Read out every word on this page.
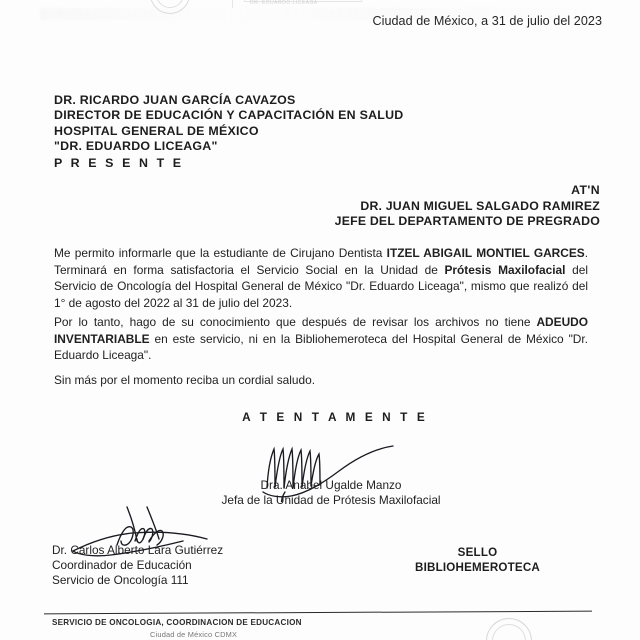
DR. EDUARDO LICEAGA
Ciudad de México, a 31 de julio del 2023
DR. RICARDO JUAN GARCÍA CAVAZOS
DIRECTOR DE EDUCACIÓN Y CAPACITACIÓN EN SALUD
HOSPITAL GENERAL DE MÉXICO
"DR. EDUARDO LICEAGA"
P R E S E N T E
AT'N
DR. JUAN MIGUEL SALGADO RAMIREZ
JEFE DEL DEPARTAMENTO DE PREGRADO
Me permito informarle que la estudiante de Cirujano Dentista ITZEL ABIGAIL MONTIEL GARCES. Terminará en forma satisfactoria el Servicio Social en la Unidad de Prótesis Maxilofacial del Servicio de Oncología del Hospital General de México "Dr. Eduardo Liceaga", mismo que realizó del 1° de agosto del 2022 al 31 de julio del 2023.
Por lo tanto, hago de su conocimiento que después de revisar los archivos no tiene ADEUDO INVENTARIABLE en este servicio, ni en la Bibliohemeroteca del Hospital General de México "Dr. Eduardo Liceaga".
Sin más por el momento reciba un cordial saludo.
A T E N T A M E N T E
Dra. Anabel Ugalde Manzo
Jefa de la Unidad de Prótesis Maxilofacial
Dr. Carlos Alberto Lara Gutiérrez
Coordinador de Educación
Servicio de Oncología 111
SELLO
BIBLIOHEMEROTECA
SERVICIO DE ONCOLOGIA, COORDINACION DE EDUCACION
Ciudad de México CDMX
